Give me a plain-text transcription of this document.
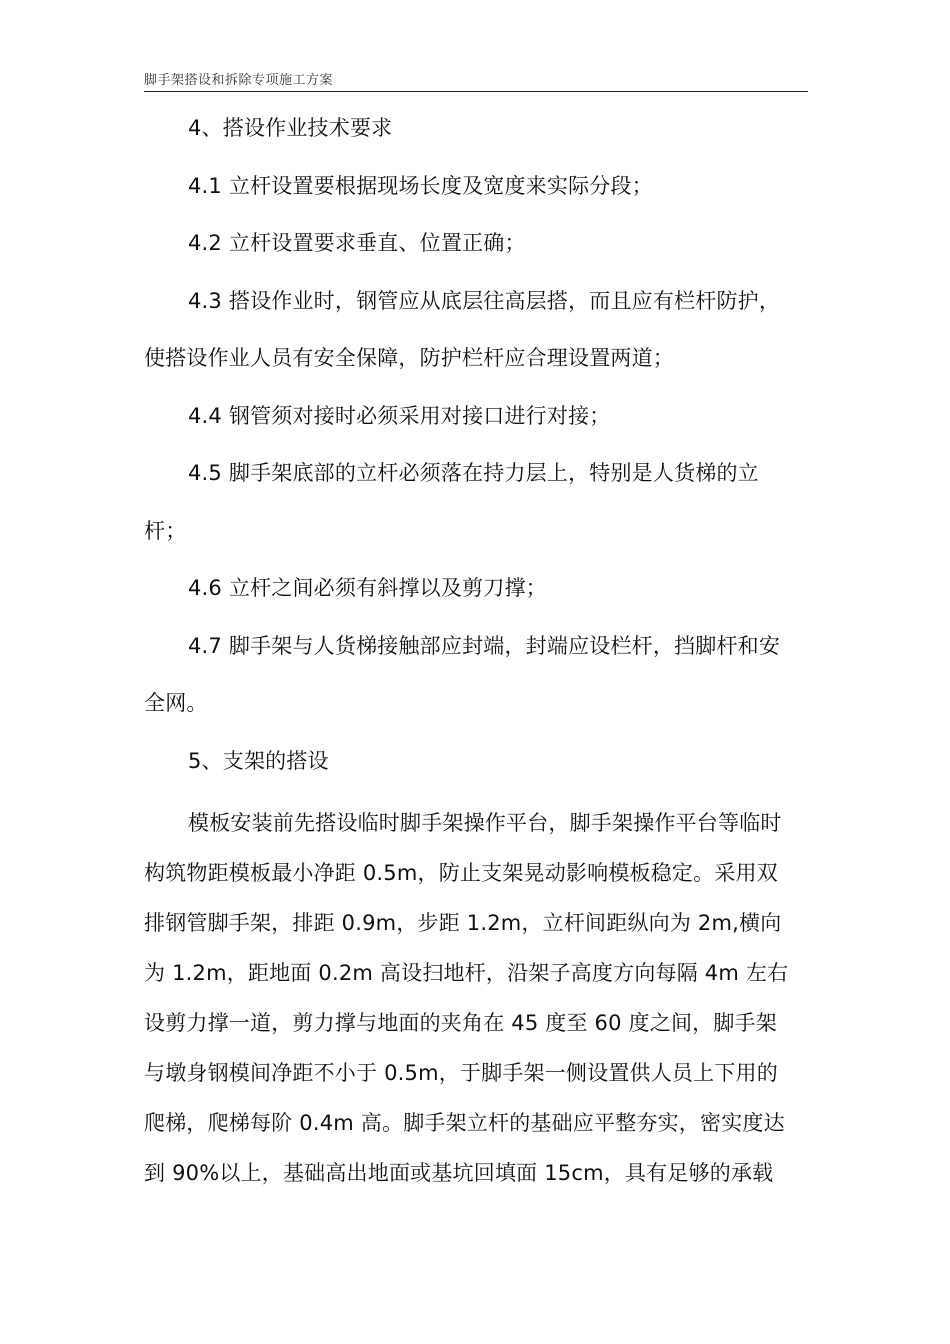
脚手架搭设和拆除专项施工方案
4、搭设作业技术要求
4.1 立杆设置要根据现场长度及宽度来实际分段；
4.2 立杆设置要求垂直、位置正确；
4.3 搭设作业时，钢管应从底层往高层搭，而且应有栏杆防护，
使搭设作业人员有安全保障，防护栏杆应合理设置两道；
4.4 钢管须对接时必须采用对接口进行对接；
4.5 脚手架底部的立杆必须落在持力层上，特别是人货梯的立
杆；
4.6 立杆之间必须有斜撑以及剪刀撑；
4.7 脚手架与人货梯接触部应封端，封端应设栏杆，挡脚杆和安
全网。
5、支架的搭设
模板安装前先搭设临时脚手架操作平台，脚手架操作平台等临时
构筑物距模板最小净距 0.5m，防止支架晃动影响模板稳定。采用双
排钢管脚手架，排距 0.9m，步距 1.2m，立杆间距纵向为 2m,横向
为 1.2m，距地面 0.2m 高设扫地杆，沿架子高度方向每隔 4m 左右
设剪力撑一道，剪力撑与地面的夹角在 45 度至 60 度之间，脚手架
与墩身钢模间净距不小于 0.5m，于脚手架一侧设置供人员上下用的
爬梯，爬梯每阶 0.4m 高。脚手架立杆的基础应平整夯实，密实度达
到 90%以上，基础高出地面或基坑回填面 15cm，具有足够的承载
